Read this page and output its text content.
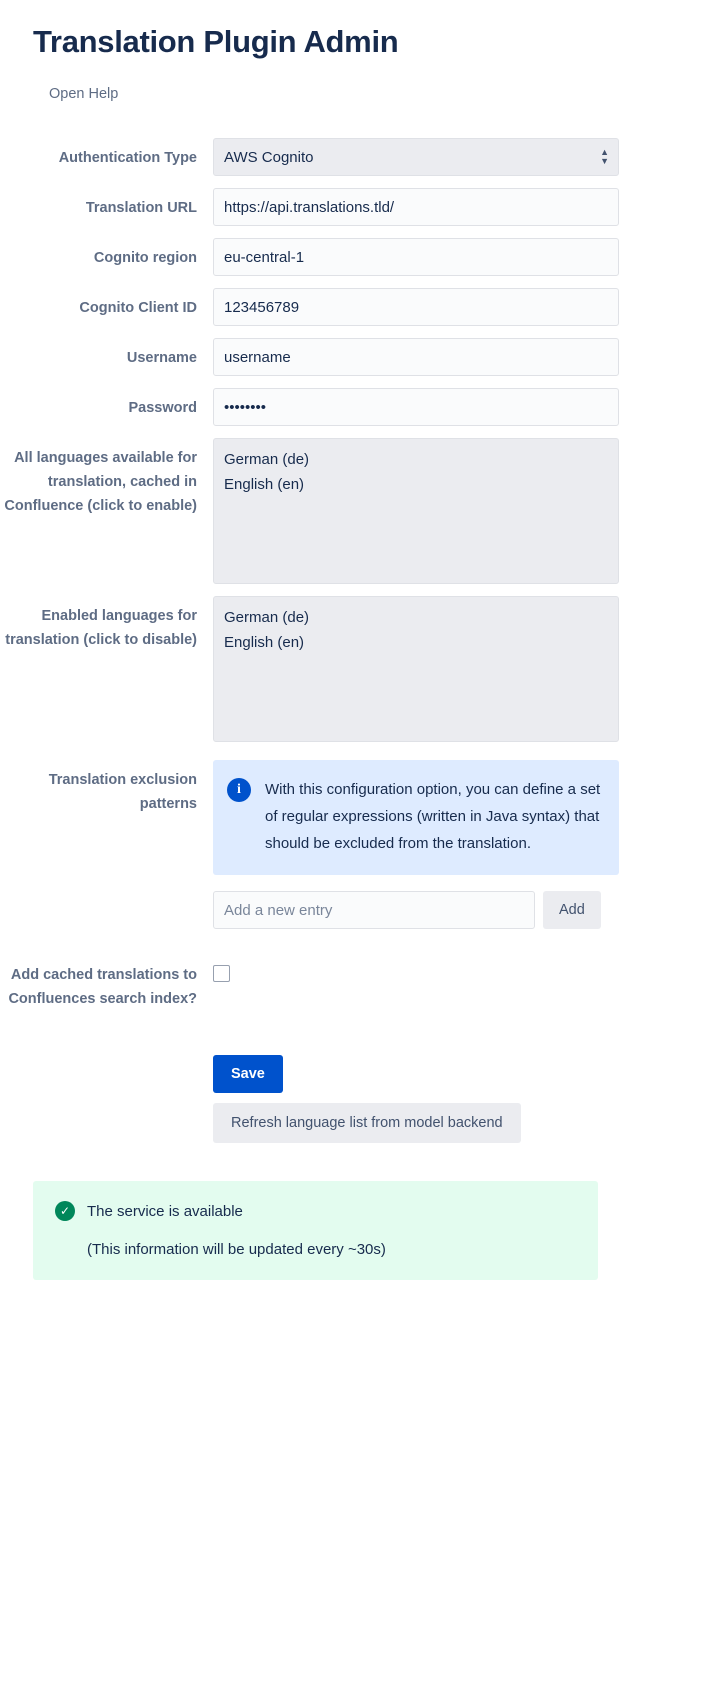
Translation Plugin Admin
Open Help
Authentication Type
AWS Cognito	▲
▼
Translation URL
https://api.translations.tld/
Cognito region
eu-central-1
Cognito Client ID
123456789
Username
username
Password
••••••••
All languages available for translation, cached in Confluence (click to enable)
German (de)
English (en)
Enabled languages for translation (click to disable)
German (de)
English (en)
Translation exclusion patterns
i	With this configuration option, you can define a set of regular expressions (written in Java syntax) that should be excluded from the translation.
Add a new entry
Add
Add cached translations to Confluences search index?
Save
Refresh language list from model backend
✓	The service is available
(This information will be updated every ~30s)
